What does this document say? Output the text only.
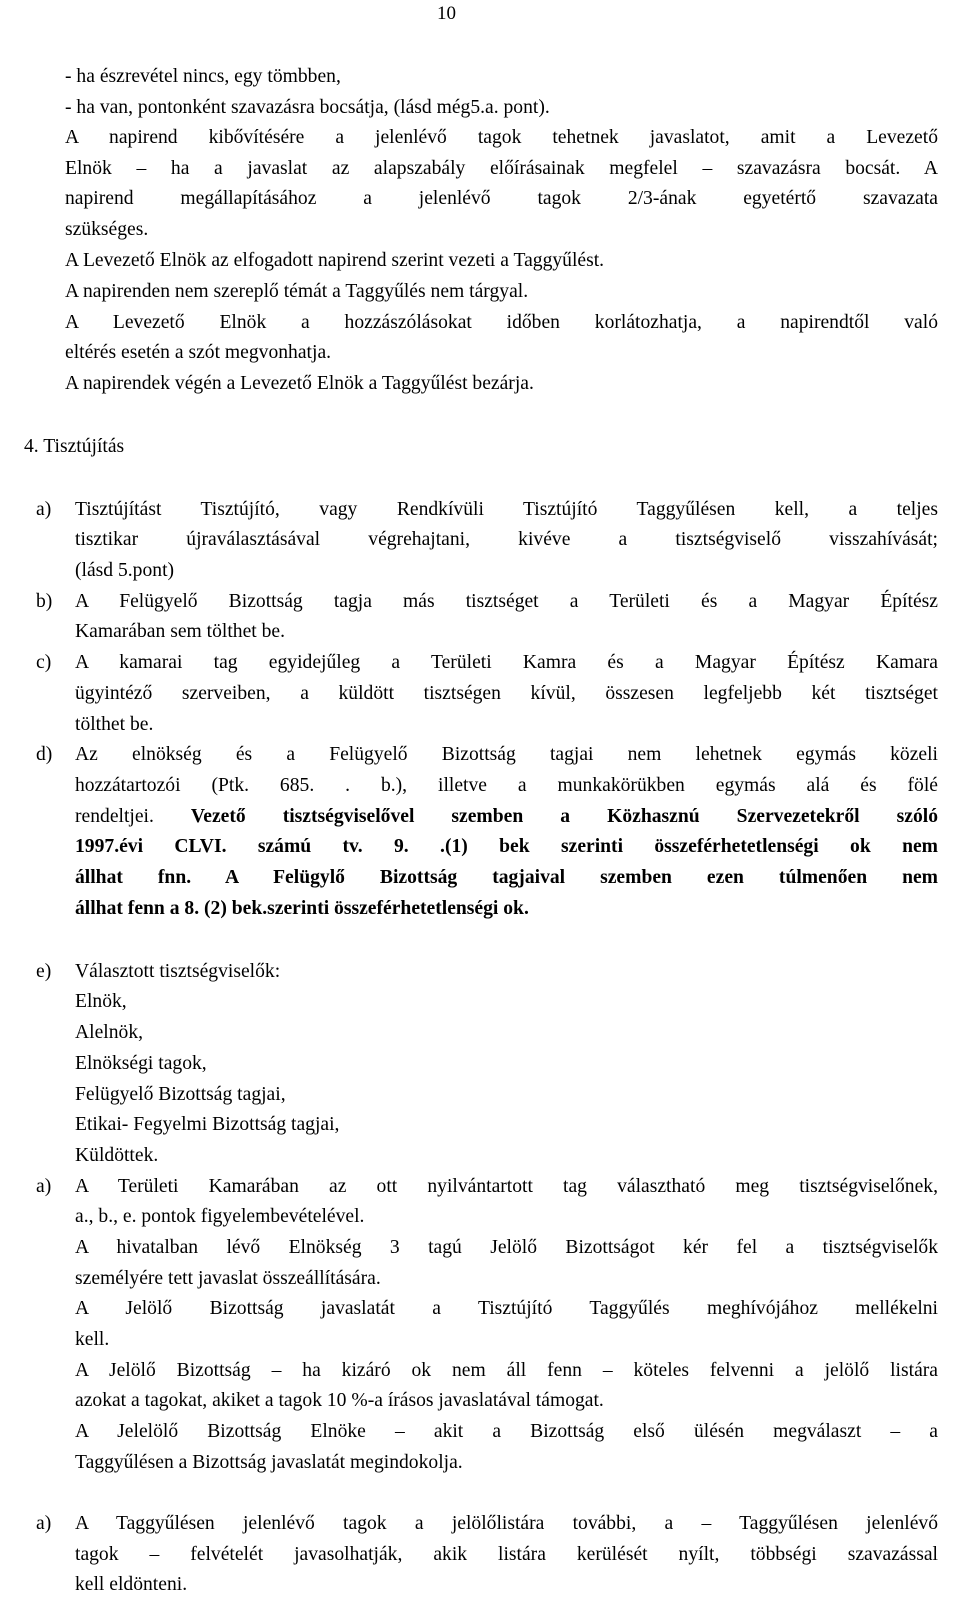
10
- ha észrevétel nincs, egy tömbben,
- ha van, pontonként szavazásra bocsátja, (lásd még5.a. pont).
A napirend kibővítésére a jelenlévő tagok tehetnek javaslatot, amit a Levezető
Elnök – ha a javaslat az alapszabály előírásainak megfelel – szavazásra bocsát. A
napirend megállapításához a jelenlévő tagok 2/3-ának egyetértő szavazata
szükséges.
A Levezető Elnök az elfogadott napirend szerint vezeti a Taggyűlést.
A napirenden nem szereplő témát a Taggyűlés nem tárgyal.
A Levezető Elnök a hozzászólásokat időben korlátozhatja, a napirendtől való
eltérés esetén a szót megvonhatja.
A napirendek végén a Levezető Elnök a Taggyűlést bezárja.
4. Tisztújítás
a) Tisztújítást Tisztújító, vagy Rendkívüli Tisztújító Taggyűlésen kell, a teljes
tisztikar újraválasztásával végrehajtani, kivéve a tisztségviselő visszahívását;
(lásd 5.pont)
b) A Felügyelő Bizottság tagja más tisztséget a Területi és a Magyar Építész
Kamarában sem tölthet be.
c) A kamarai tag egyidejűleg a Területi Kamra és a Magyar Építész Kamara
ügyintéző szerveiben, a küldött tisztségen kívül, összesen legfeljebb két tisztséget
tölthet be.
d) Az elnökség és a Felügyelő Bizottság tagjai nem lehetnek egymás közeli
hozzátartozói (Ptk. 685. . b.), illetve a munkakörükben egymás alá és fölé
rendeltjei. Vezető tisztségviselővel szemben a Közhasznú Szervezetekről szóló
1997.évi CLVI. számú tv. 9. .(1) bek szerinti összeférhetetlenségi ok nem
állhat fnn. A Felügylő Bizottság tagjaival szemben ezen túlmenően nem
állhat fenn a 8. (2) bek.szerinti összeférhetetlenségi ok.
e) Választott tisztségviselők:
Elnök,
Alelnök,
Elnökségi tagok,
Felügyelő Bizottság tagjai,
Etikai- Fegyelmi Bizottság tagjai,
Küldöttek.
a) A Területi Kamarában az ott nyilvántartott tag választható meg tisztségviselőnek,
a., b., e. pontok figyelembevételével.
A hivatalban lévő Elnökség 3 tagú Jelölő Bizottságot kér fel a tisztségviselők
személyére tett javaslat összeállítására.
A Jelölő Bizottság javaslatát a Tisztújító Taggyűlés meghívójához mellékelni
kell.
A Jelölő Bizottság – ha kizáró ok nem áll fenn – köteles felvenni a jelölő listára
azokat a tagokat, akiket a tagok 10 %-a írásos javaslatával támogat.
A Jelelölő Bizottság Elnöke – akit a Bizottság első ülésén megválaszt – a
Taggyűlésen a Bizottság javaslatát megindokolja.
a) A Taggyűlésen jelenlévő tagok a jelölőlistára további, a – Taggyűlésen jelenlévő
tagok – felvételét javasolhatják, akik listára kerülését nyílt, többségi szavazással
kell eldönteni.
